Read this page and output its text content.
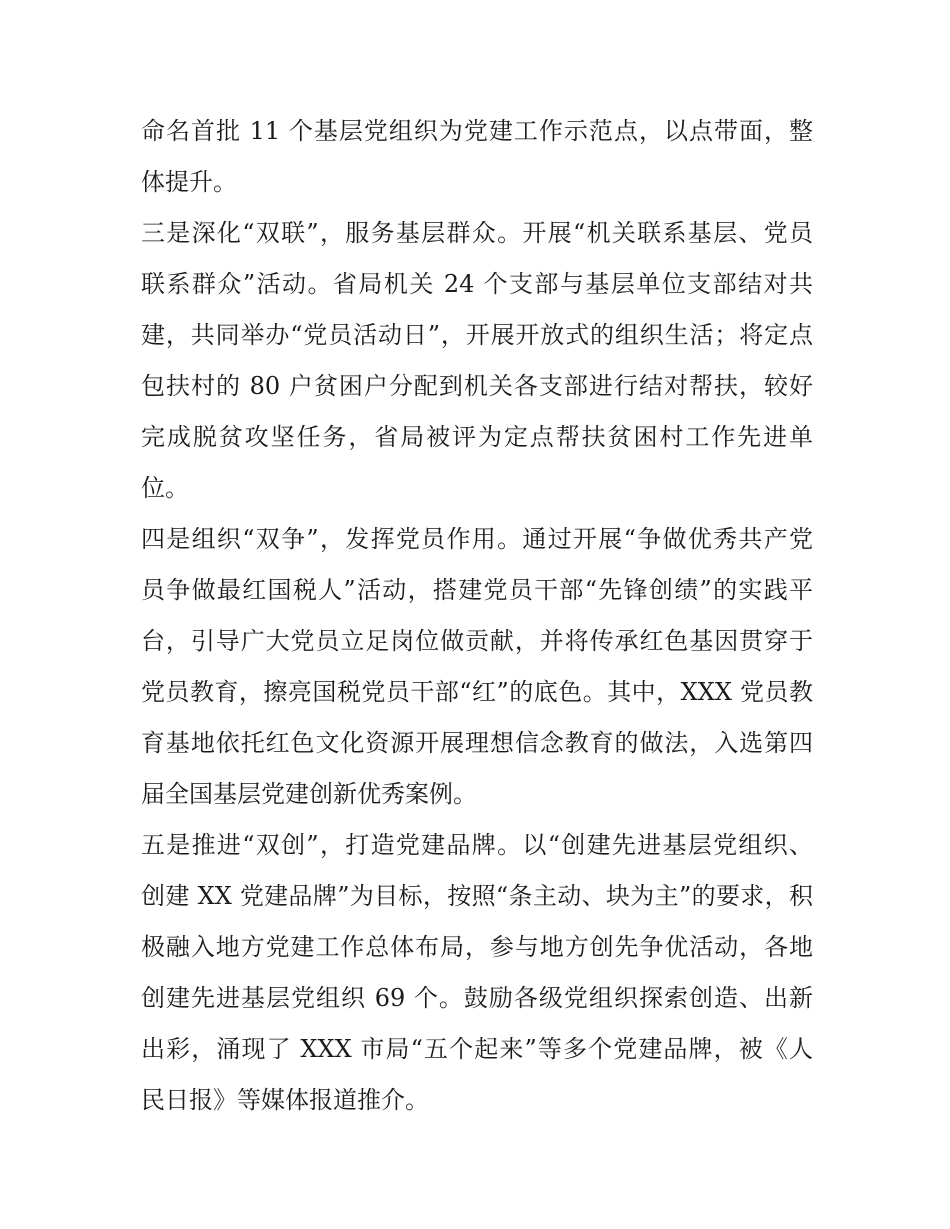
命名首批 11 个基层党组织为党建工作示范点，以点带面，整
体提升。

三是深化“双联”，服务基层群众。开展“机关联系基层、党员
联系群众”活动。省局机关 24 个支部与基层单位支部结对共
建，共同举办“党员活动日”，开展开放式的组织生活；将定点
包扶村的 80 户贫困户分配到机关各支部进行结对帮扶，较好
完成脱贫攻坚任务，省局被评为定点帮扶贫困村工作先进单
位。

四是组织“双争”，发挥党员作用。通过开展“争做优秀共产党
员争做最红国税人”活动，搭建党员干部“先锋创绩”的实践平
台，引导广大党员立足岗位做贡献，并将传承红色基因贯穿于
党员教育，擦亮国税党员干部“红”的底色。其中，XXX 党员教
育基地依托红色文化资源开展理想信念教育的做法，入选第四
届全国基层党建创新优秀案例。

五是推进“双创”，打造党建品牌。以“创建先进基层党组织、
创建 XX 党建品牌”为目标，按照“条主动、块为主”的要求，积
极融入地方党建工作总体布局，参与地方创先争优活动，各地
创建先进基层党组织 69 个。鼓励各级党组织探索创造、出新
出彩，涌现了 XXX 市局“五个起来”等多个党建品牌，被《人
民日报》等媒体报道推介。
